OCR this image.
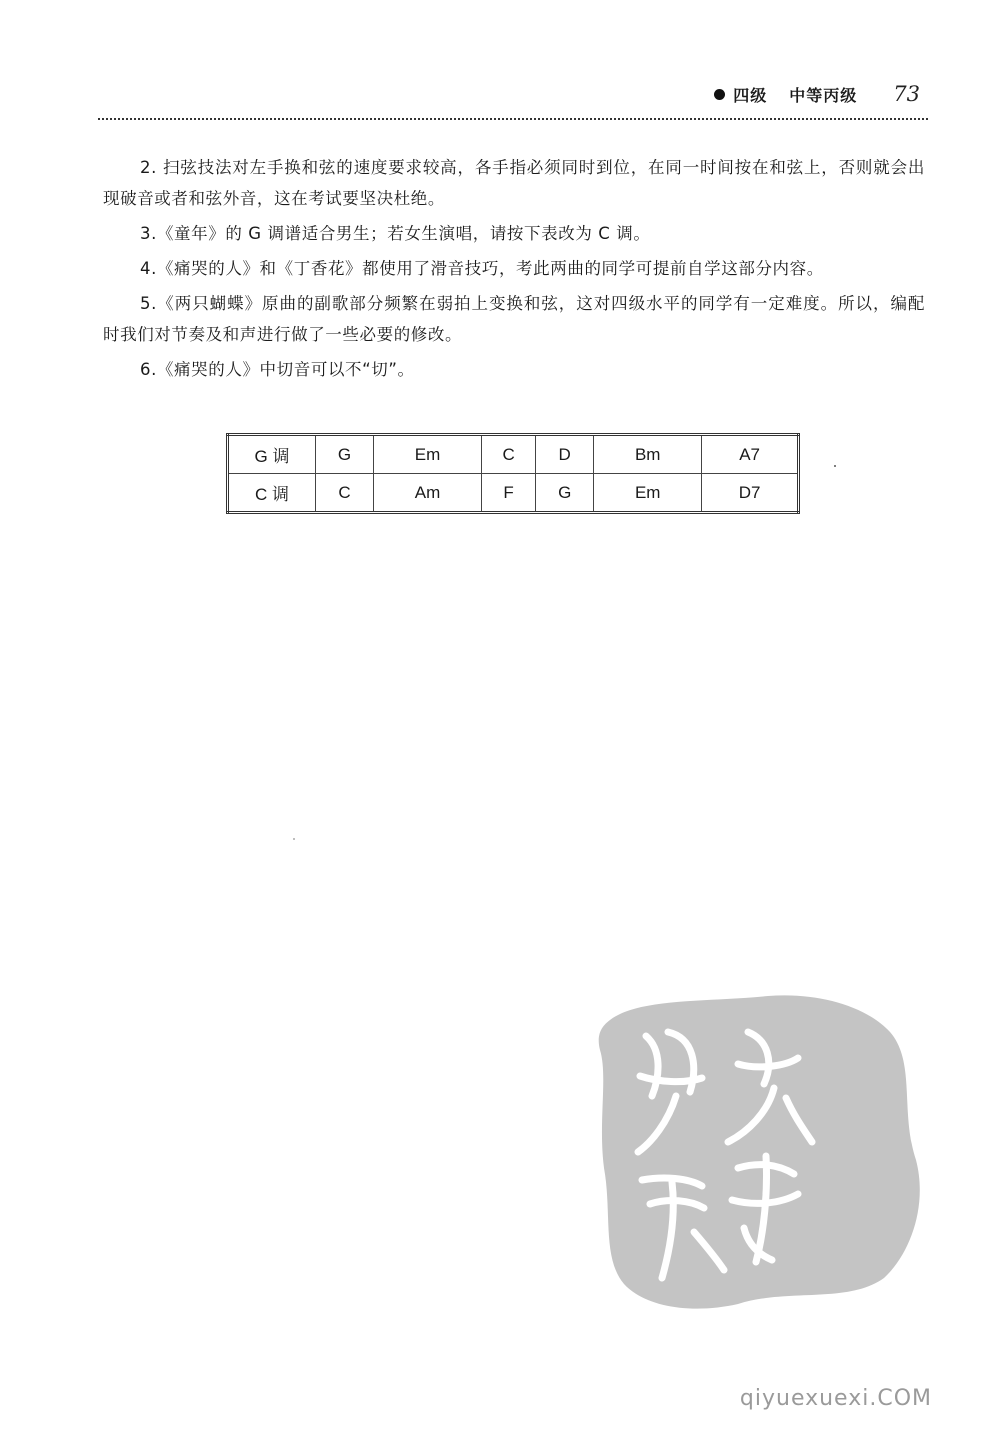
四级 中等丙级 73

2. 扫弦技法对左手换和弦的速度要求较高，各手指必须同时到位，在同一时间按在和弦上，否则就会出现破音或者和弦外音，这在考试要坚决杜绝。

3.《童年》的 G 调谱适合男生；若女生演唱，请按下表改为 C 调。

4.《痛哭的人》和《丁香花》都使用了滑音技巧，考此两曲的同学可提前自学这部分内容。

5.《两只蝴蝶》原曲的副歌部分频繁在弱拍上变换和弦，这对四级水平的同学有一定难度。所以，编配时我们对节奏及和声进行做了一些必要的修改。

6.《痛哭的人》中切音可以不“切”。

G 调	G	Em	C	D	Bm	A7
C 调	C	Am	F	G	Em	D7
qiyuexuexi.COM
